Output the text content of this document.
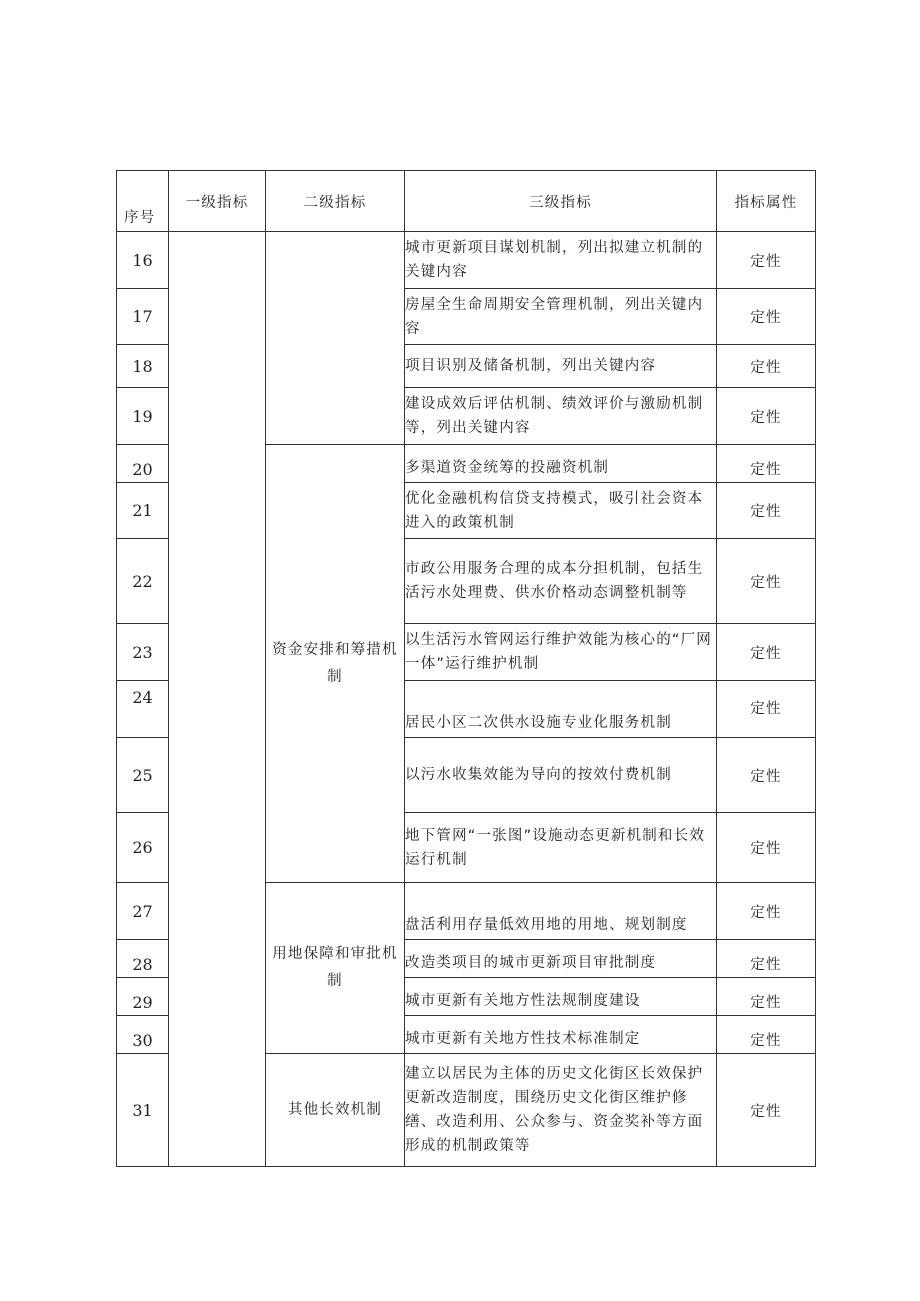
序号	一级指标	二级指标	三级指标	指标属性
16			城市更新项目谋划机制，列出拟建立机制的关键内容	定性
17			房屋全生命周期安全管理机制，列出关键内容	定性
18			项目识别及储备机制，列出关键内容	定性
19			建设成效后评估机制、绩效评价与激励机制等，列出关键内容	定性
20		资金安排和筹措机制	多渠道资金统筹的投融资机制	定性
21			优化金融机构信贷支持模式，吸引社会资本进入的政策机制	定性
22			市政公用服务合理的成本分担机制，包括生活污水处理费、供水价格动态调整机制等	定性
23			以生活污水管网运行维护效能为核心的“厂网一体”运行维护机制	定性
24			居民小区二次供水设施专业化服务机制	定性
25			以污水收集效能为导向的按效付费机制	定性
26			地下管网“一张图”设施动态更新机制和长效运行机制	定性
27		用地保障和审批机制	盘活利用存量低效用地的用地、规划制度	定性
28			改造类项目的城市更新项目审批制度	定性
29			城市更新有关地方性法规制度建设	定性
30			城市更新有关地方性技术标准制定	定性
31		其他长效机制	建立以居民为主体的历史文化街区长效保护更新改造制度，围绕历史文化街区维护修缮、改造利用、公众参与、资金奖补等方面形成的机制政策等	定性
